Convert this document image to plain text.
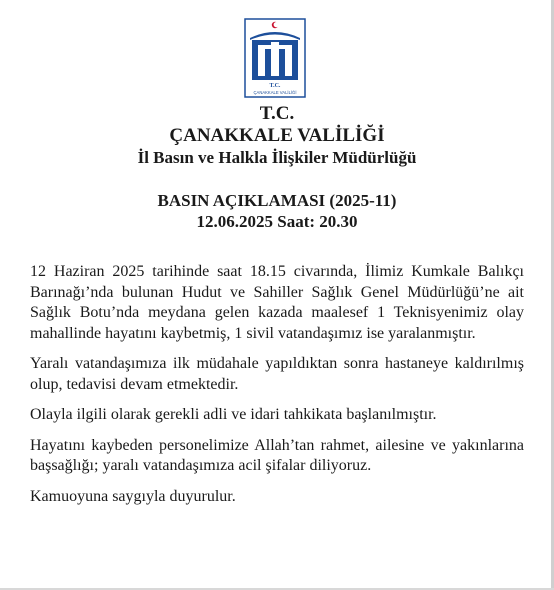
T.C.
ÇANAKKALE VALİLİĞİ
T.C.
ÇANAKKALE VALİLİĞİ
İl Basın ve Halkla İlişkiler Müdürlüğü
BASIN AÇIKLAMASI (2025-11)
12.06.2025 Saat: 20.30

12 Haziran 2025 tarihinde saat 18.15 civarında, İlimiz Kumkale Balıkçı Barınağı’nda bulunan Hudut ve Sahiller Sağlık Genel Müdürlüğü’ne ait Sağlık Botu’nda meydana gelen kazada maalesef 1 Teknisyenimiz olay mahallinde hayatını kaybetmiş, 1 sivil vatandaşımız ise yaralanmıştır.

Yaralı vatandaşımıza ilk müdahale yapıldıktan sonra hastaneye kaldırılmış olup, tedavisi devam etmektedir.

Olayla ilgili olarak gerekli adli ve idari tahkikata başlanılmıştır.

Hayatını kaybeden personelimize Allah’tan rahmet, ailesine ve yakınlarına başsağlığı; yaralı vatandaşımıza acil şifalar diliyoruz.

Kamuoyuna saygıyla duyurulur.
